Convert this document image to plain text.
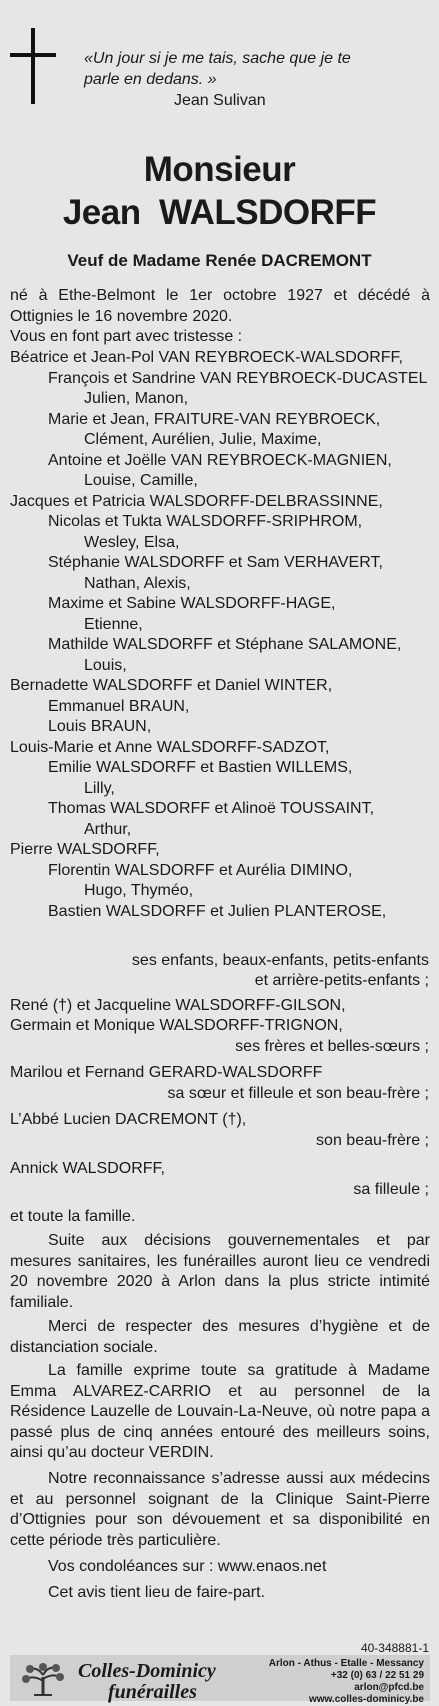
«Un jour si je me tais, sache que je te
parle en dedans. »
Jean Sulivan
Monsieur
Jean  WALSDORFF
Veuf de Madame Renée DACREMONT
né à Ethe-Belmont le 1er octobre 1927 et décédé à Ottignies le 16 novembre 2020.
Vous en font part avec tristesse :
Béatrice et Jean-Pol VAN REYBROECK-WALSDORFF,
François et Sandrine VAN REYBROECK-DUCASTEL
Julien, Manon,
Marie et Jean, FRAITURE-VAN REYBROECK,
Clément, Aurélien, Julie, Maxime,
Antoine et Joëlle VAN REYBROECK-MAGNIEN,
Louise, Camille,
Jacques et Patricia WALSDORFF-DELBRASSINNE,
Nicolas et Tukta WALSDORFF-SRIPHROM,
Wesley, Elsa,
Stéphanie WALSDORFF et Sam VERHAVERT,
Nathan, Alexis,
Maxime et Sabine WALSDORFF-HAGE,
Etienne,
Mathilde WALSDORFF et Stéphane SALAMONE,
Louis,
Bernadette WALSDORFF et Daniel WINTER,
Emmanuel BRAUN,
Louis BRAUN,
Louis-Marie et Anne WALSDORFF-SADZOT,
Emilie WALSDORFF et Bastien WILLEMS,
Lilly,
Thomas WALSDORFF et Alinoë TOUSSAINT,
Arthur,
Pierre WALSDORFF,
Florentin WALSDORFF et Aurélia DIMINO,
Hugo, Thyméo,
Bastien WALSDORFF et Julien PLANTEROSE,
ses enfants, beaux-enfants, petits-enfants
et arrière-petits-enfants ;
René (†) et Jacqueline WALSDORFF-GILSON,
Germain et Monique WALSDORFF-TRIGNON,
ses frères et belles-sœurs ;
Marilou et Fernand GERARD-WALSDORFF
sa sœur et filleule et son beau-frère ;
L’Abbé Lucien DACREMONT (†),
son beau-frère ;
Annick WALSDORFF,
sa filleule ;
et toute la famille.
Suite aux décisions gouvernementales et par mesures sanitaires, les funérailles auront lieu ce vendredi 20 novembre 2020 à Arlon dans la plus stricte intimité familiale.
Merci de respecter des mesures d’hygiène et de distanciation sociale.
La famille exprime toute sa gratitude à Madame Emma ALVAREZ-CARRIO et au personnel de la Résidence Lauzelle de Louvain-La-Neuve, où notre papa a passé plus de cinq années entouré des meilleurs soins, ainsi qu’au docteur VERDIN.
Notre reconnaissance s’adresse aussi aux médecins et au personnel soignant de la Clinique Saint-Pierre d’Ottignies pour son dévouement et sa disponibilité en cette période très particulière.
Vos condoléances sur : www.enaos.net
Cet avis tient lieu de faire-part.
40-348881-1
Colles-Dominicy
funérailles
Arlon - Athus - Etalle - Messancy
+32 (0) 63 / 22 51 29
arlon@pfcd.be
www.colles-dominicy.be
